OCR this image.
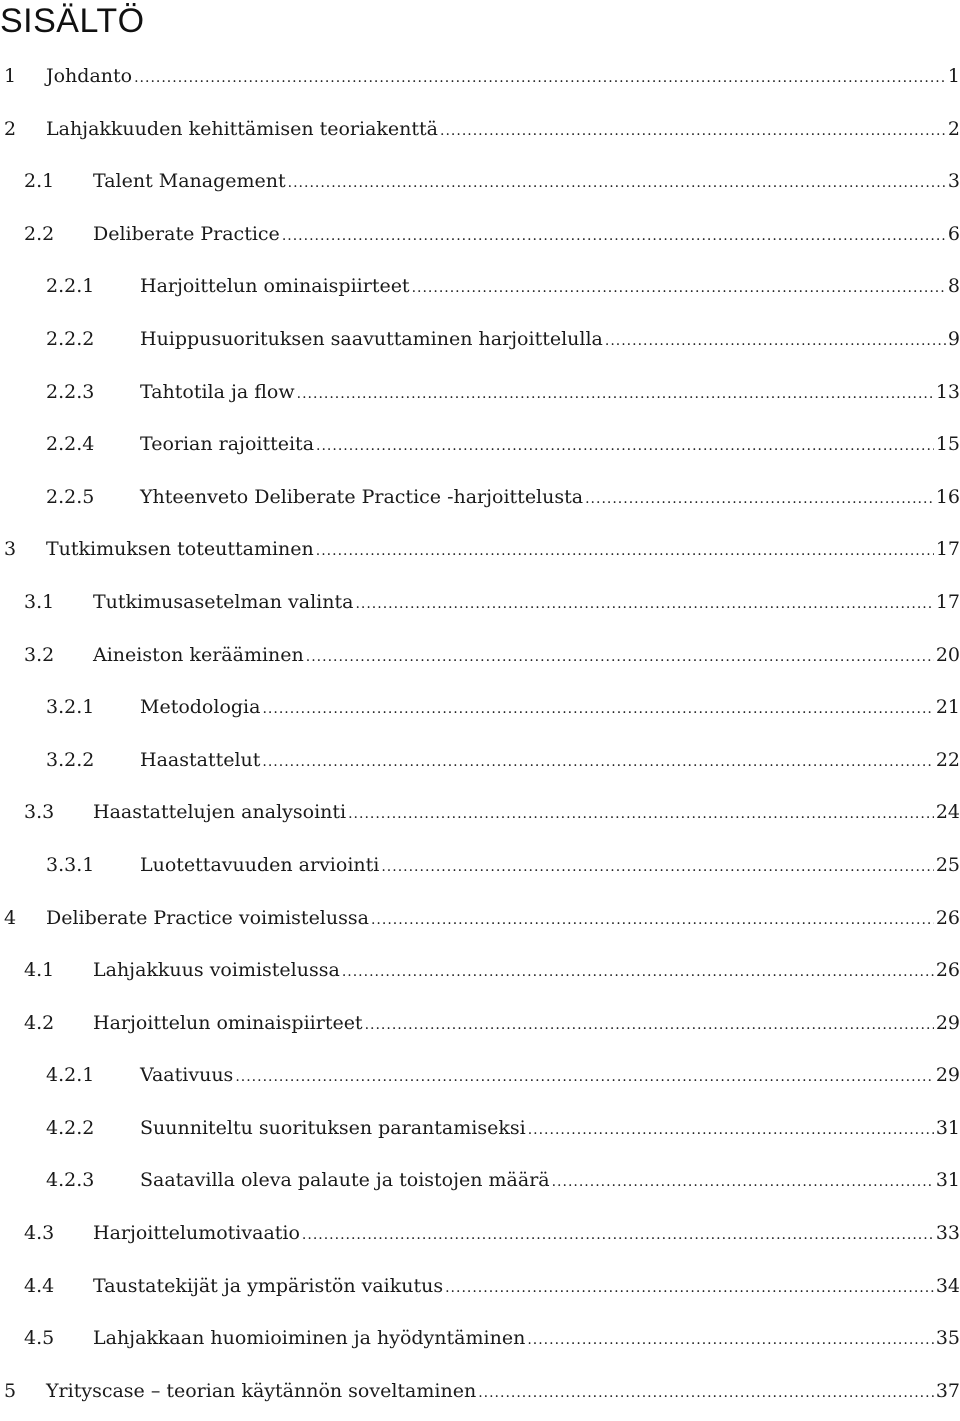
SISÄLTÖ
1 Johdanto .....	1
2 Lahjakkuuden kehittämisen teoriakenttä .....	2
2.1 Talent Management .....	3
2.2 Deliberate Practice .....	6
2.2.1 Harjoittelun ominaispiirteet .....	8
2.2.2 Huippusuorituksen saavuttaminen harjoittelulla .....	9
2.2.3 Tahtotila ja flow .....	13
2.2.4 Teorian rajoitteita .....	15
2.2.5 Yhteenveto Deliberate Practice -harjoittelusta .....	16
3 Tutkimuksen toteuttaminen .....	17
3.1 Tutkimusasetelman valinta .....	17
3.2 Aineiston kerääminen .....	20
3.2.1 Metodologia .....	21
3.2.2 Haastattelut .....	22
3.3 Haastattelujen analysointi .....	24
3.3.1 Luotettavuuden arviointi .....	25
4 Deliberate Practice voimistelussa .....	26
4.1 Lahjakkuus voimistelussa .....	26
4.2 Harjoittelun ominaispiirteet .....	29
4.2.1 Vaativuus .....	29
4.2.2 Suunniteltu suorituksen parantamiseksi .....	31
4.2.3 Saatavilla oleva palaute ja toistojen määrä .....	31
4.3 Harjoittelumotivaatio .....	33
4.4 Taustatekijät ja ympäristön vaikutus .....	34
4.5 Lahjakkaan huomioiminen ja hyödyntäminen .....	35
5 Yrityscase – teorian käytännön soveltaminen .....	37
